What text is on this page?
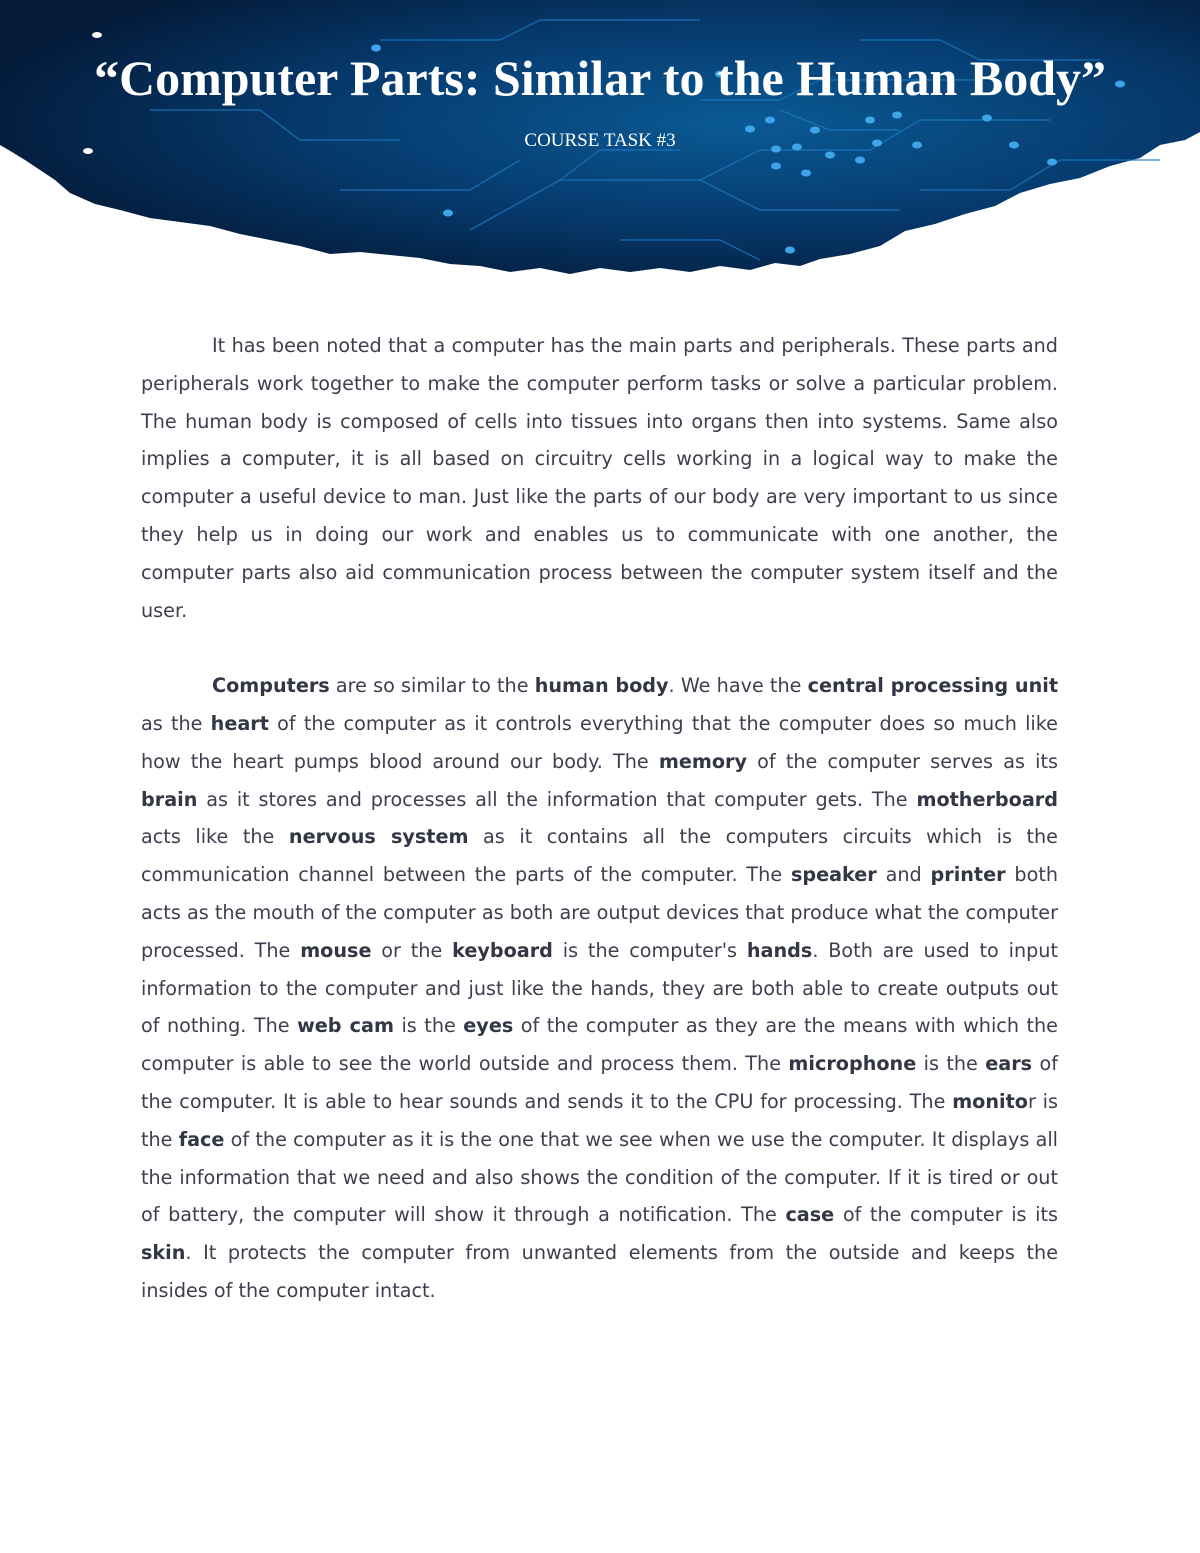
“Computer Parts: Similar to the Human Body”
COURSE TASK #3

It has been noted that a computer has the main parts and peripherals. These parts and peripherals work together to make the computer perform tasks or solve a particular problem. The human body is composed of cells into tissues into organs then into systems. Same also implies a computer, it is all based on circuitry cells working in a logical way to make the computer a useful device to man. Just like the parts of our body are very important to us since they help us in doing our work and enables us to communicate with one another, the computer parts also aid communication process between the computer system itself and the user.

Computers are so similar to the human body. We have the central processing unit as the heart of the computer as it controls everything that the computer does so much like how the heart pumps blood around our body. The memory of the computer serves as its brain as it stores and processes all the information that computer gets. The motherboard acts like the nervous system as it contains all the computers circuits which is the communication channel between the parts of the computer. The speaker and printer both acts as the mouth of the computer as both are output devices that produce what the computer processed. The mouse or the keyboard is the computer's hands. Both are used to input information to the computer and just like the hands, they are both able to create outputs out of nothing. The web cam is the eyes of the computer as they are the means with which the computer is able to see the world outside and process them. The microphone is the ears of the computer. It is able to hear sounds and sends it to the CPU for processing. The monitor is the face of the computer as it is the one that we see when we use the computer. It displays all the information that we need and also shows the condition of the computer. If it is tired or out of battery, the computer will show it through a notification. The case of the computer is its skin. It protects the computer from unwanted elements from the outside and keeps the insides of the computer intact.
